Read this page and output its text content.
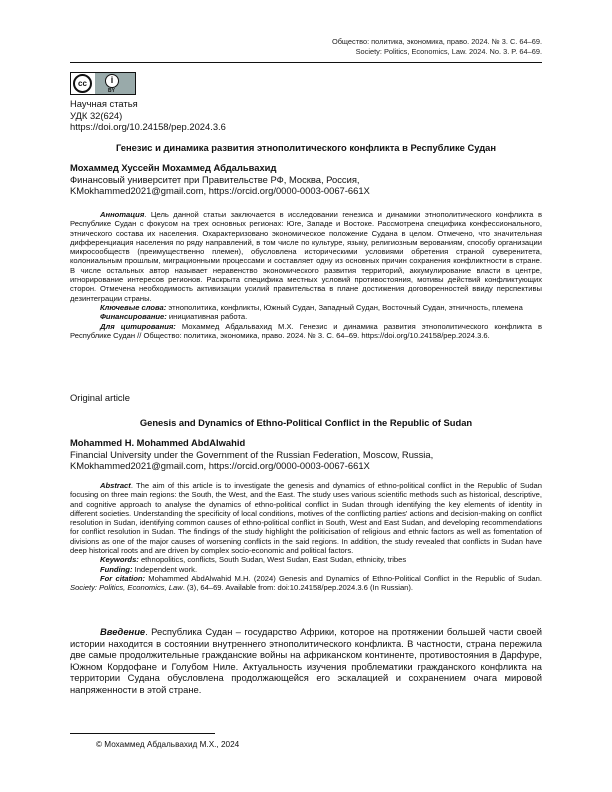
Общество: политика, экономика, право. 2024. № 3. С. 64–69.
Society: Politics, Economics, Law. 2024. No. 3. P. 64–69.
cc	i
BY
Научная статья
УДК 32(624)
https://doi.org/10.24158/pep.2024.3.6
Генезис и динамика развития этнополитического конфликта в Республике Судан
Мохаммед Хуссейн Мохаммед Абдальвахид
Финансовый университет при Правительстве РФ, Москва, Россия,
KMokhammed2021@gmail.com, https://orcid.org/0000-0003-0067-661X

Аннотация. Цель данной статьи заключается в исследовании генезиса и динамики этнополитического конфликта в Республике Судан с фокусом на трех основных регионах: Юге, Западе и Востоке. Рассмотрена специфика конфессионального, этнического состава их населения. Охарактеризовано экономическое положение Судана в целом. Отмечено, что значительная дифференциация населения по ряду направлений, в том числе по культуре, языку, религиозным верованиям, способу организации микросообществ (преимущественно племен), обусловлена историческими условиями обретения страной суверенитета, колониальным прошлым, миграционными процессами и составляет одну из основных причин сохранения конфликтности в стране. В числе остальных автор называет неравенство экономического развития территорий, аккумулирование власти в центре, игнорирование интересов регионов. Раскрыта специфика местных условий противостояния, мотивы действий конфликтующих сторон. Отмечена необходимость активизации усилий правительства в плане достижения договоренностей ввиду перспективы дезинтеграции страны.

Ключевые слова: этнополитика, конфликты, Южный Судан, Западный Судан, Восточный Судан, этничность, племена

Финансирование: инициативная работа.

Для цитирования: Мохаммед Абдальвахид М.Х. Генезис и динамика развития этнополитического конфликта в Республике Судан // Общество: политика, экономика, право. 2024. № 3. С. 64–69. https://doi.org/10.24158/pep.2024.3.6.

Original article
Genesis and Dynamics of Ethno-Political Conflict in the Republic of Sudan
Mohammed H. Mohammed AbdAlwahid
Financial University under the Government of the Russian Federation, Moscow, Russia,
KMokhammed2021@gmail.com, https://orcid.org/0000-0003-0067-661X

Abstract. The aim of this article is to investigate the genesis and dynamics of ethno-political conflict in the Republic of Sudan focusing on three main regions: the South, the West, and the East. The study uses various scientific methods such as historical, descriptive, and cognitive approach to analyse the dynamics of ethno-political conflict in Sudan through identifying the key elements of identity in different societies. Understanding the specificity of local conditions, motives of the conflicting parties' actions and decision-making on conflict resolution in Sudan, identifying common causes of ethno-political conflict in South, West and East Sudan, and developing recommendations for conflict resolution in Sudan. The findings of the study highlight the politicisation of religious and ethnic factors as well as fomentation of divisions as one of the major causes of worsening conflicts in the said regions. In addition, the study revealed that conflicts in Sudan have deep historical roots and are driven by complex socio-economic and political factors.

Keywords: ethnopolitics, conflicts, South Sudan, West Sudan, East Sudan, ethnicity, tribes

Funding: Independent work.

For citation: Mohammed AbdAlwahid M.H. (2024) Genesis and Dynamics of Ethno-Political Conflict in the Republic of Sudan. Society: Politics, Economics, Law. (3), 64–69. Available from: doi:10.24158/pep.2024.3.6 (In Russian).

Введение. Республика Судан – государство Африки, которое на протяжении большей части своей истории находится в состоянии внутреннего этнополитического конфликта. В частности, страна пережила две самые продолжительные гражданские войны на африканском континенте, противостояния в Дарфуре, Южном Кордофане и Голубом Ниле. Актуальность изучения проблематики гражданского конфликта на территории Судана обусловлена продолжающейся его эскалацией и сохранением очага мировой напряженности в этой стране.

© Мохаммед Абдальвахид М.Х., 2024
